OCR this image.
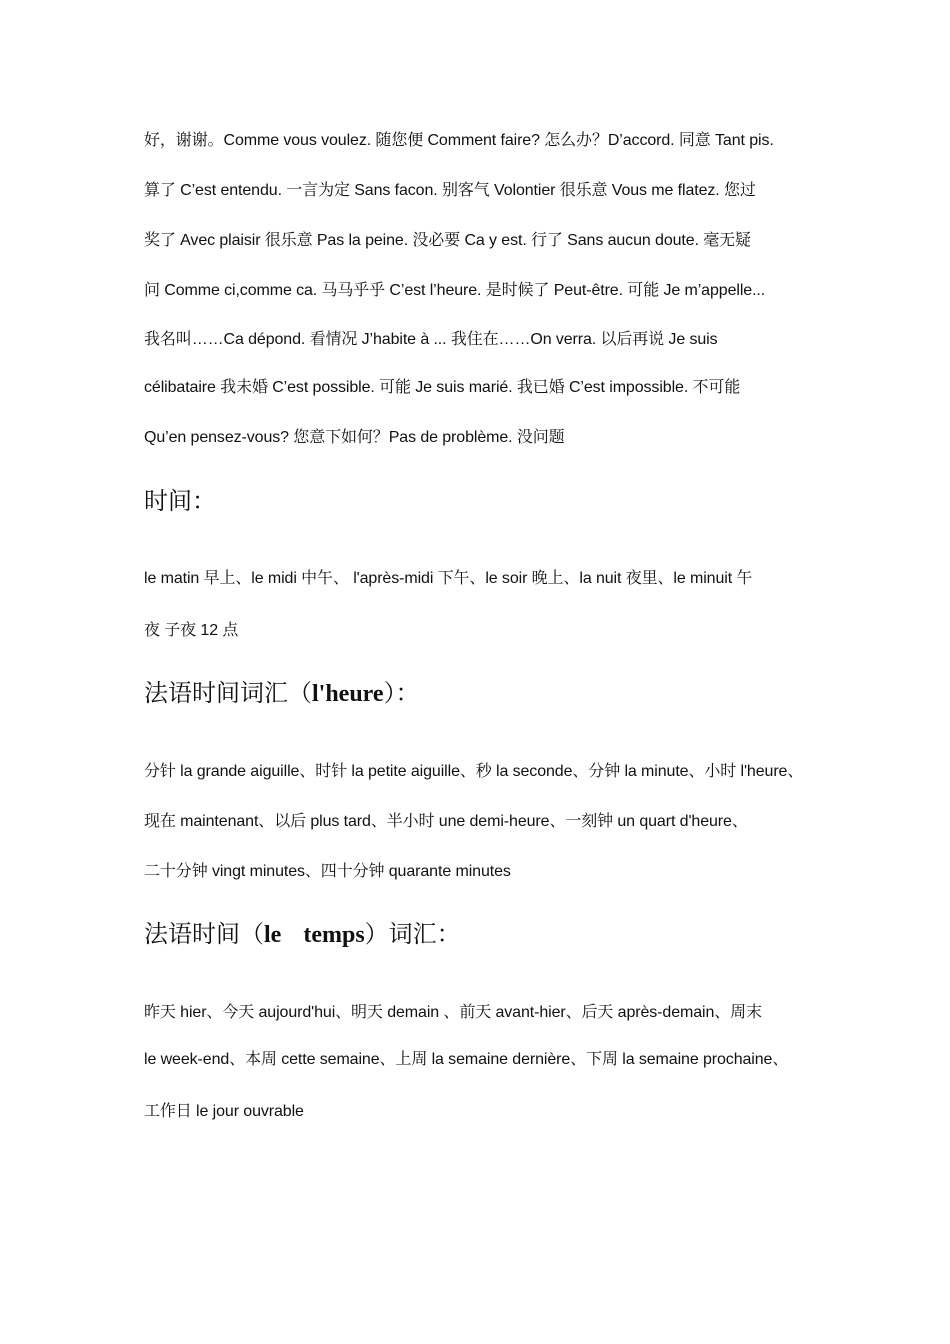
好，谢谢。Comme vous voulez. 随您便 Comment faire? 怎么办？D’accord. 同意 Tant pis.
算了 C’est entendu. 一言为定 Sans facon. 别客气 Volontier 很乐意 Vous me flatez. 您过
奖了 Avec plaisir 很乐意 Pas la peine. 没必要 Ca y est. 行了 Sans aucun doute. 毫无疑
问 Comme ci,comme ca. 马马乎乎 C’est l’heure. 是时候了 Peut-être. 可能 Je m’appelle...
我名叫……Ca dépond. 看情况 J’habite à ... 我住在……On verra. 以后再说 Je suis
célibataire 我未婚 C’est possible. 可能 Je suis marié. 我已婚 C’est impossible. 不可能
Qu’en pensez-vous? 您意下如何？Pas de problème. 没问题
时间：
le matin 早上、le midi 中午、 l'après-midi 下午、le soir 晚上、la nuit 夜里、le minuit 午
夜 子夜 12 点
法语时间词汇（l'heure）：
分针 la grande aiguille、时针 la petite aiguille、秒 la seconde、分钟 la minute、小时 l'heure、
现在 maintenant、以后 plus tard、半小时 une demi-heure、一刻钟 un quart d'heure、
二十分钟 vingt minutes、四十分钟 quarante minutes
法语时间（le temps）词汇：
昨天 hier、今天 aujourd'hui、明天 demain 、前天 avant-hier、后天 après-demain、周末
le week-end、本周 cette semaine、上周 la semaine dernière、下周 la semaine prochaine、
工作日 le jour ouvrable
